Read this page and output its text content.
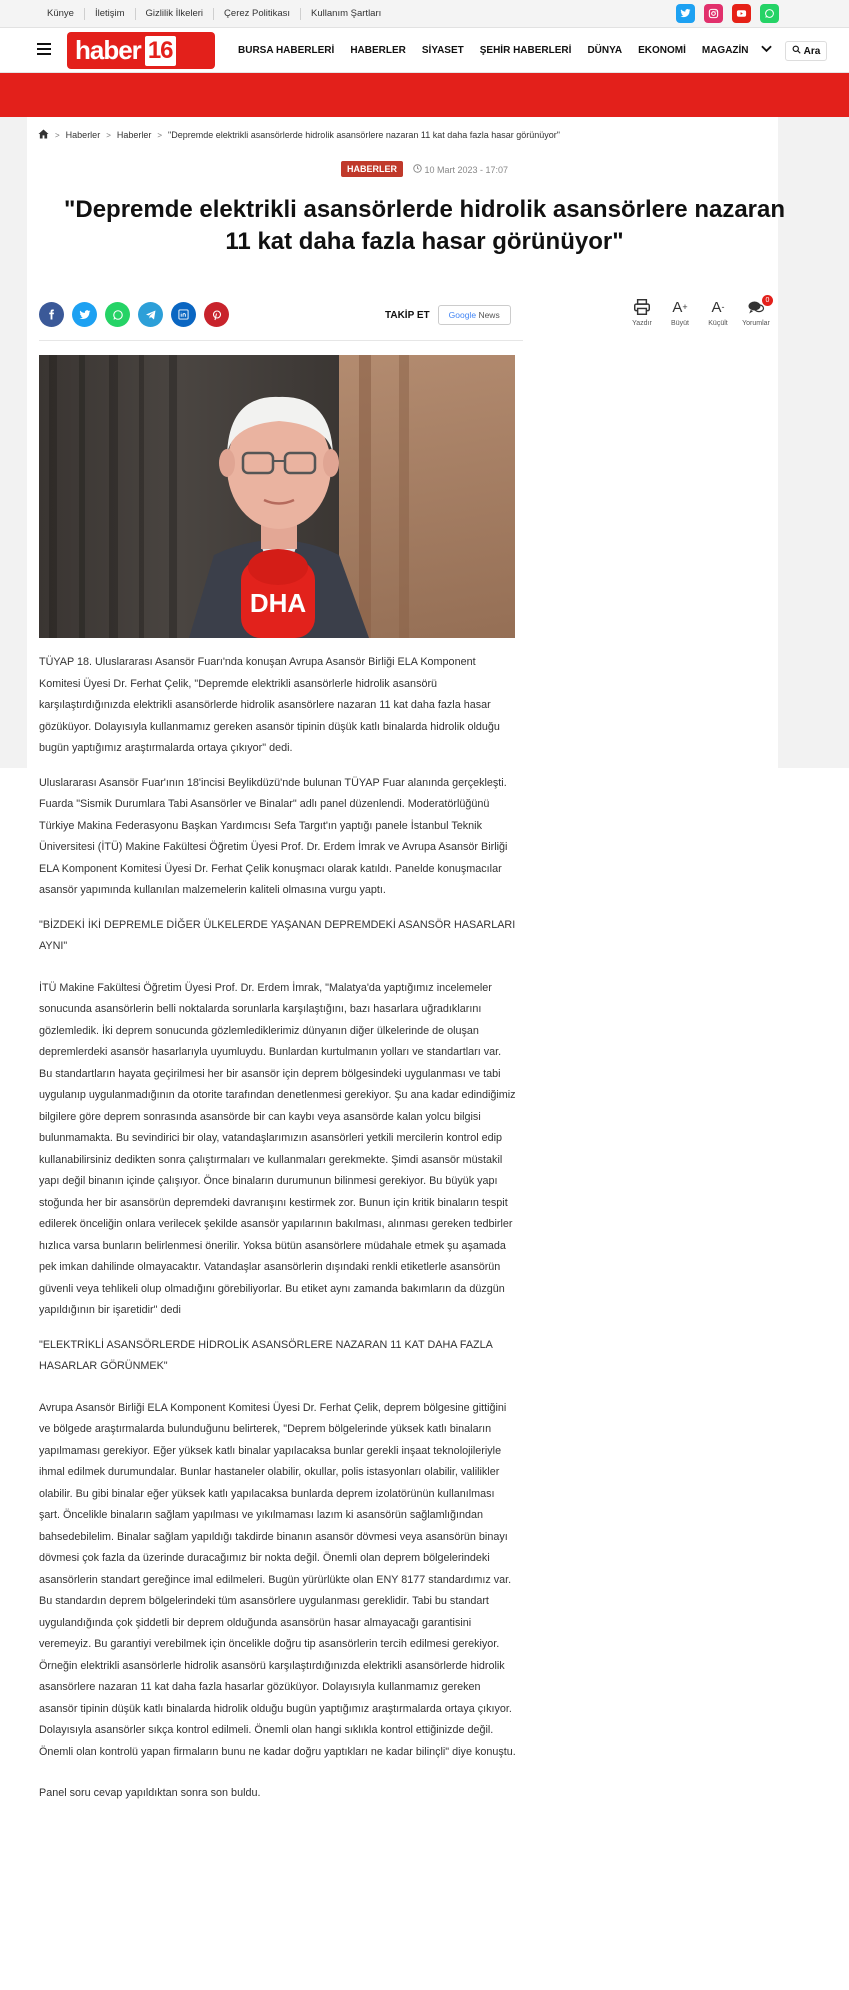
Künye	İletişim	Gizlilik İlkeleri	Çerez Politikası	Kullanım Şartları
haber 16	BURSA HABERLERİ	HABERLER	SİYASET	ŞEHİR HABERLERİ	DÜNYA	EKONOMİ	MAGAZİN	Ara
> Haberler > Haberler > "Depremde elektrikli asansörlerde hidrolik asansörlere nazaran 11 kat daha fazla hasar görünüyor"
HABERLER	10 Mart 2023 - 17:07
"Depremde elektrikli asansörlerde hidrolik asansörlere nazaran 11 kat daha fazla hasar görünüyor"
TAKİP ET	Google News
Yazdır
A +
Büyüt
A -
Küçült
0
Yorumlar
DHA

TÜYAP 18. Uluslararası Asansör Fuarı'nda konuşan Avrupa Asansör Birliği ELA Komponent Komitesi Üyesi Dr. Ferhat Çelik, "Depremde elektrikli asansörlerle hidrolik asansörü karşılaştırdığınızda elektrikli asansörlerde hidrolik asansörlere nazaran 11 kat daha fazla hasar gözüküyor. Dolayısıyla kullanmamız gereken asansör tipinin düşük katlı binalarda hidrolik olduğu bugün yaptığımız araştırmalarda ortaya çıkıyor" dedi.

Uluslararası Asansör Fuar'ının 18'incisi Beylikdüzü'nde bulunan TÜYAP Fuar alanında gerçekleşti. Fuarda "Sismik Durumlara Tabi Asansörler ve Binalar" adlı panel düzenlendi. Moderatörlüğünü Türkiye Makina Federasyonu Başkan Yardımcısı Sefa Targıt'ın yaptığı panele İstanbul Teknik Üniversitesi (İTÜ) Makine Fakültesi Öğretim Üyesi Prof. Dr. Erdem İmrak ve Avrupa Asansör Birliği ELA Komponent Komitesi Üyesi Dr. Ferhat Çelik konuşmacı olarak katıldı. Panelde konuşmacılar asansör yapımında kullanılan malzemelerin kaliteli olmasına vurgu yaptı.

"BİZDEKİ İKİ DEPREMLE DİĞER ÜLKELERDE YAŞANAN DEPREMDEKİ ASANSÖR HASARLARI AYNI"

İTÜ Makine Fakültesi Öğretim Üyesi Prof. Dr. Erdem İmrak, "Malatya'da yaptığımız incelemeler sonucunda asansörlerin belli noktalarda sorunlarla karşılaştığını, bazı hasarlara uğradıklarını gözlemledik. İki deprem sonucunda gözlemlediklerimiz dünyanın diğer ülkelerinde de oluşan depremlerdeki asansör hasarlarıyla uyumluydu. Bunlardan kurtulmanın yolları ve standartları var. Bu standartların hayata geçirilmesi her bir asansör için deprem bölgesindeki uygulanması ve tabi uygulanıp uygulanmadığının da otorite tarafından denetlenmesi gerekiyor. Şu ana kadar edindiğimiz bilgilere göre deprem sonrasında asansörde bir can kaybı veya asansörde kalan yolcu bilgisi bulunmamakta. Bu sevindirici bir olay, vatandaşlarımızın asansörleri yetkili mercilerin kontrol edip kullanabilirsiniz dedikten sonra çalıştırmaları ve kullanmaları gerekmekte. Şimdi asansör müstakil yapı değil binanın içinde çalışıyor. Önce binaların durumunun bilinmesi gerekiyor. Bu büyük yapı stoğunda her bir asansörün depremdeki davranışını kestirmek zor. Bunun için kritik binaların tespit edilerek önceliğin onlara verilecek şekilde asansör yapılarının bakılması, alınması gereken tedbirler hızlıca varsa bunların belirlenmesi önerilir. Yoksa bütün asansörlere müdahale etmek şu aşamada pek imkan dahilinde olmayacaktır. Vatandaşlar asansörlerin dışındaki renkli etiketlerle asansörün güvenli veya tehlikeli olup olmadığını görebiliyorlar. Bu etiket aynı zamanda bakımların da düzgün yapıldığının bir işaretidir" dedi

"ELEKTRİKLİ ASANSÖRLERDE HİDROLİK ASANSÖRLERE NAZARAN 11 KAT DAHA FAZLA HASARLAR GÖRÜNMEK"

Avrupa Asansör Birliği ELA Komponent Komitesi Üyesi Dr. Ferhat Çelik, deprem bölgesine gittiğini ve bölgede araştırmalarda bulunduğunu belirterek, "Deprem bölgelerinde yüksek katlı binaların yapılmaması gerekiyor. Eğer yüksek katlı binalar yapılacaksa bunlar gerekli inşaat teknolojileriyle ihmal edilmek durumundalar. Bunlar hastaneler olabilir, okullar, polis istasyonları olabilir, valilikler olabilir. Bu gibi binalar eğer yüksek katlı yapılacaksa bunlarda deprem izolatörünün kullanılması şart. Öncelikle binaların sağlam yapılması ve yıkılmaması lazım ki asansörün sağlamlığından bahsedebilelim. Binalar sağlam yapıldığı takdirde binanın asansör dövmesi veya asansörün binayı dövmesi çok fazla da üzerinde duracağımız bir nokta değil. Önemli olan deprem bölgelerindeki asansörlerin standart gereğince imal edilmeleri. Bugün yürürlükte olan ENY 8177 standardımız var. Bu standardın deprem bölgelerindeki tüm asansörlere uygulanması gereklidir. Tabi bu standart uygulandığında çok şiddetli bir deprem olduğunda asansörün hasar almayacağı garantisini veremeyiz. Bu garantiyi verebilmek için öncelikle doğru tip asansörlerin tercih edilmesi gerekiyor. Örneğin elektrikli asansörlerle hidrolik asansörü karşılaştırdığınızda elektrikli asansörlerde hidrolik asansörlere nazaran 11 kat daha fazla hasarlar gözüküyor. Dolayısıyla kullanmamız gereken asansör tipinin düşük katlı binalarda hidrolik olduğu bugün yaptığımız araştırmalarda ortaya çıkıyor. Dolayısıyla asansörler sıkça kontrol edilmeli. Önemli olan hangi sıklıkla kontrol ettiğinizde değil. Önemli olan kontrolü yapan firmaların bunu ne kadar doğru yaptıkları ne kadar bilinçli" diye konuştu.

Panel soru cevap yapıldıktan sonra son buldu.
